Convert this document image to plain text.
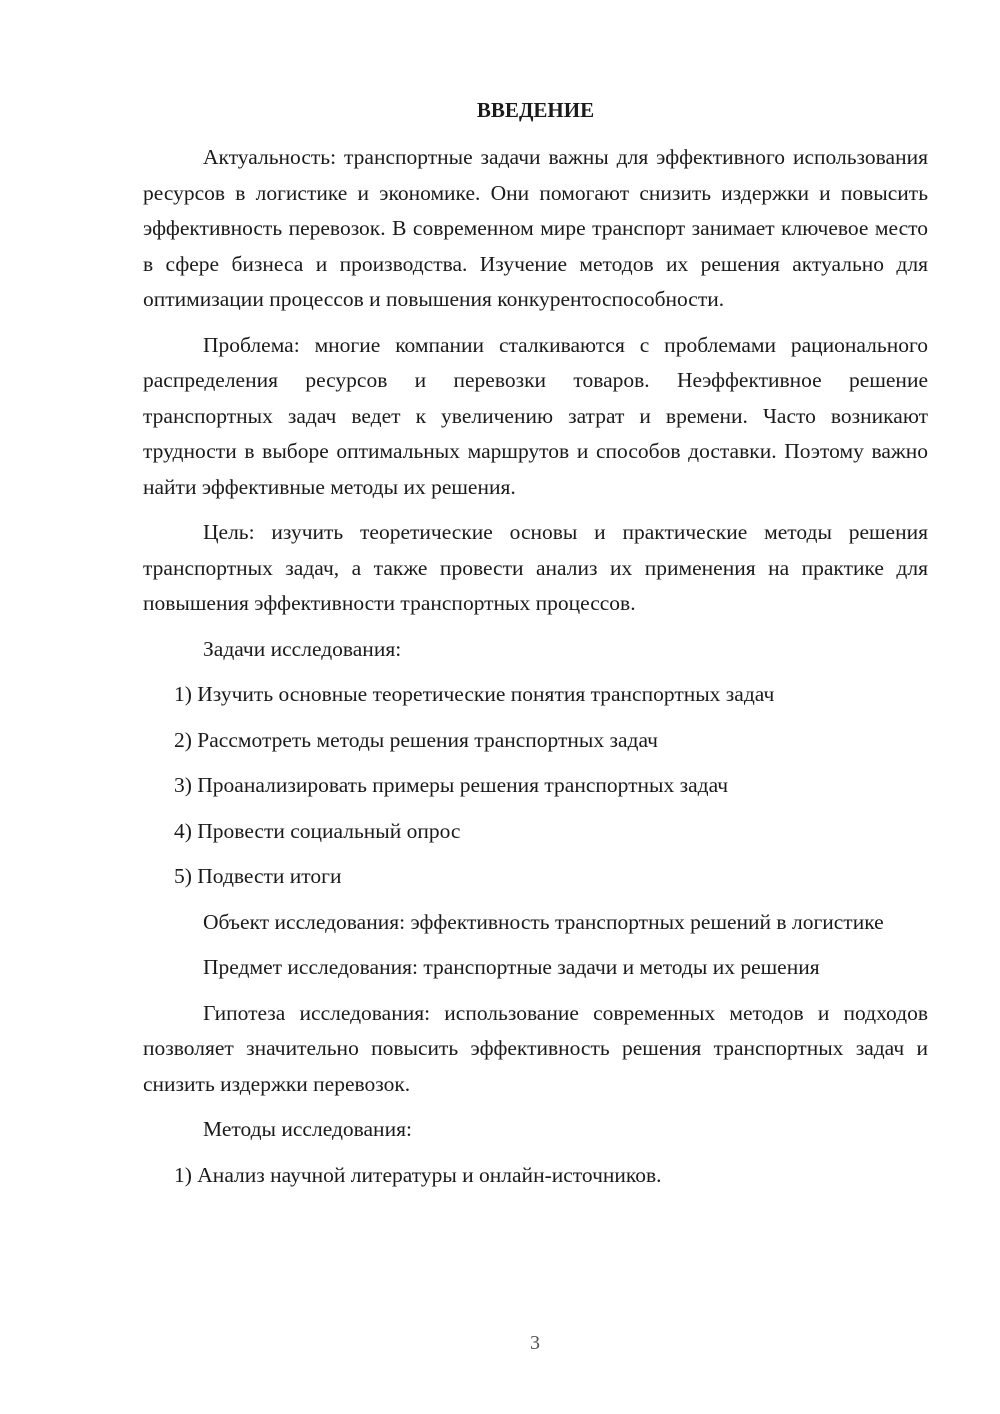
ВВЕДЕНИЕ

Актуальность: транспортные задачи важны для эффективного использования ресурсов в логистике и экономике. Они помогают снизить издержки и повысить эффективность перевозок. В современном мире транспорт занимает ключевое место в сфере бизнеса и производства. Изучение методов их решения актуально для оптимизации процессов и повышения конкурентоспособности.

Проблема: многие компании сталкиваются с проблемами рационального распределения ресурсов и перевозки товаров. Неэффективное решение транспортных задач ведет к увеличению затрат и времени. Часто возникают трудности в выборе оптимальных маршрутов и способов доставки. Поэтому важно найти эффективные методы их решения.

Цель: изучить теоретические основы и практические методы решения транспортных задач, а также провести анализ их применения на практике для повышения эффективности транспортных процессов.

Задачи исследования:

1) Изучить основные теоретические понятия транспортных задач

2) Рассмотреть методы решения транспортных задач

3) Проанализировать примеры решения транспортных задач

4) Провести социальный опрос

5) Подвести итоги

Объект исследования: эффективность транспортных решений в логистике

Предмет исследования: транспортные задачи и методы их решения

Гипотеза исследования: использование современных методов и подходов позволяет значительно повысить эффективность решения транспортных задач и снизить издержки перевозок.

Методы исследования:

1) Анализ научной литературы и онлайн-источников.

3
